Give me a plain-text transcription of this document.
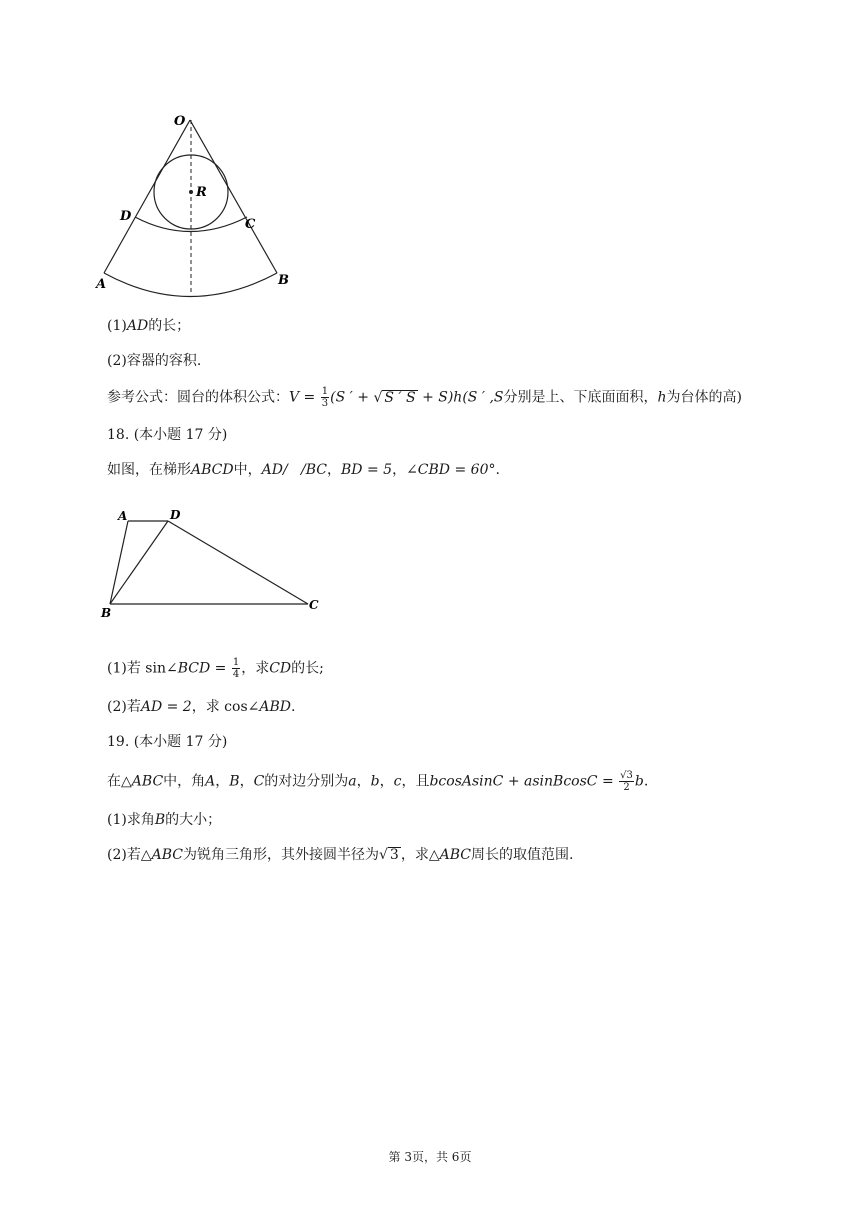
O
R
D
C
A	B
(1)AD的长；
(2)容器的容积.
参考公式：圆台的体积公式：$V = \frac{1}{3} (S$ ′ + √ S ′ S + S)h(S ′ ,S分别是上、下底面面积，h为台体的高)
18. (本小题 17 分)
如图，在梯形ABCD中，AD/ /BC，BD = 5，∠CBD = 60°.
A	D
B
C
(1)若 sin∠BCD = $\frac{1}{4}$ ，求CD的长;
(2)若AD = 2，求 cos∠ABD.
19. (本小题 17 分)
在△ABC中，角A，B，C的对边分别为a，b，c，且bcosAsinC + asinBcosC = $\frac{√3}{2} b$.
(1)求角B的大小；
(2)若△ABC为锐角三角形，其外接圆半径为√ 3 ，求△ABC周长的取值范围.
第 3页，共 6页
